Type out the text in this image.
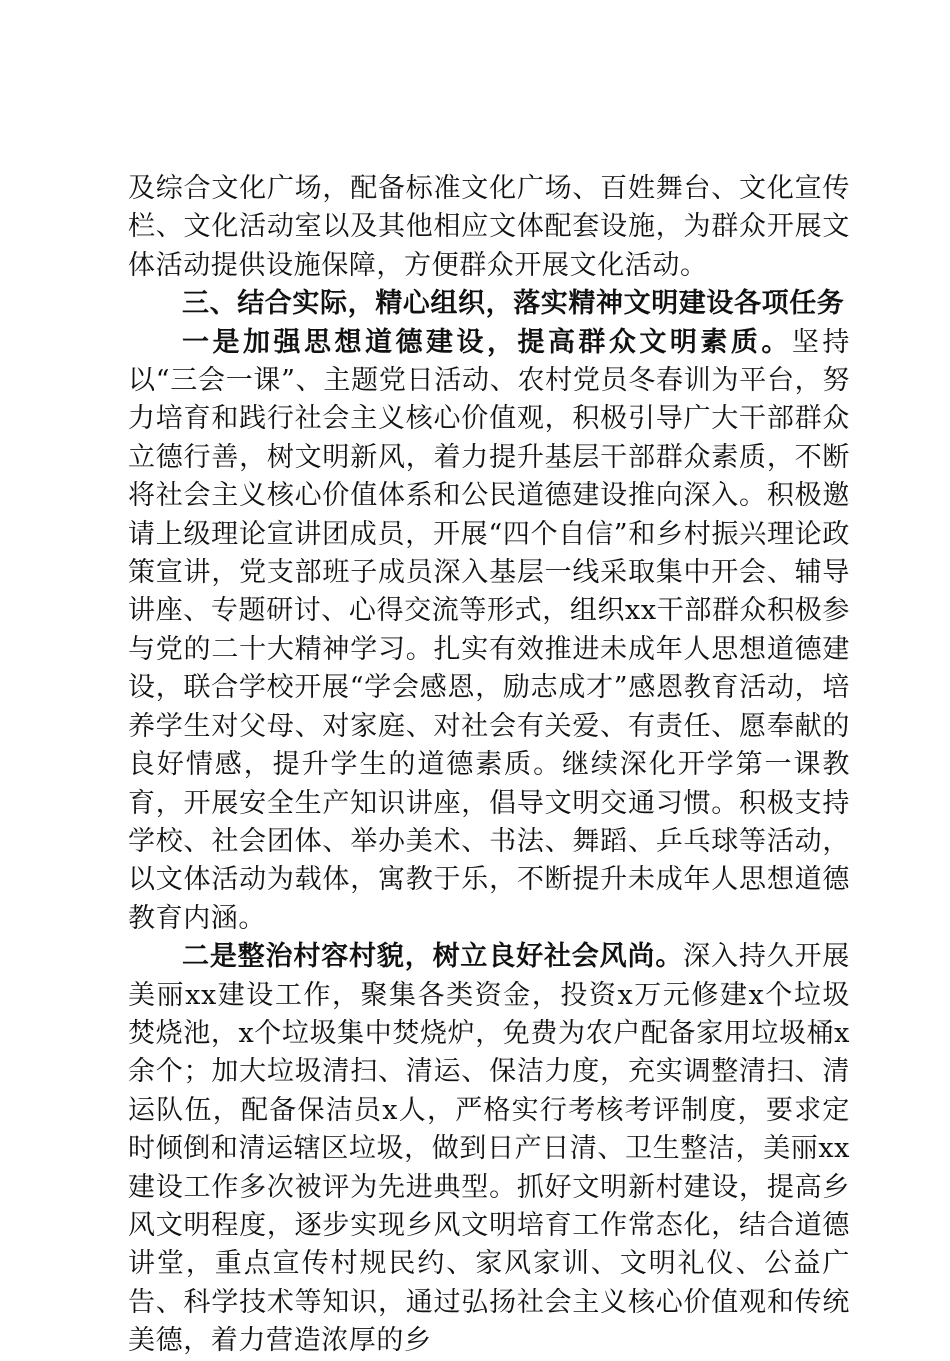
及综合文化广场，配备标准文化广场、百姓舞台、文化宣传栏、文化活动室以及其他相应文体配套设施，为群众开展文体活动提供设施保障，方便群众开展文化活动。

三、结合实际，精心组织，落实精神文明建设各项任务

一是加强思想道德建设，提高群众文明素质。坚持以“三会一课”、主题党日活动、农村党员冬春训为平台，努力培育和践行社会主义核心价值观，积极引导广大干部群众立德行善，树文明新风，着力提升基层干部群众素质，不断将社会主义核心价值体系和公民道德建设推向深入。积极邀请上级理论宣讲团成员，开展“四个自信”和乡村振兴理论政策宣讲，党支部班子成员深入基层一线采取集中开会、辅导讲座、专题研讨、心得交流等形式，组织xx干部群众积极参与党的二十大精神学习。扎实有效推进未成年人思想道德建设，联合学校开展“学会感恩，励志成才”感恩教育活动，培养学生对父母、对家庭、对社会有关爱、有责任、愿奉献的良好情感，提升学生的道德素质。继续深化开学第一课教育，开展安全生产知识讲座，倡导文明交通习惯。积极支持学校、社会团体、举办美术、书法、舞蹈、乒乓球等活动，以文体活动为载体，寓教于乐，不断提升未成年人思想道德教育内涵。

二是整治村容村貌，树立良好社会风尚。深入持久开展美丽xx建设工作，聚集各类资金，投资x万元修建x个垃圾焚烧池，x个垃圾集中焚烧炉，免费为农户配备家用垃圾桶x余个；加大垃圾清扫、清运、保洁力度，充实调整清扫、清运队伍，配备保洁员x人，严格实行考核考评制度，要求定时倾倒和清运辖区垃圾，做到日产日清、卫生整洁，美丽xx建设工作多次被评为先进典型。抓好文明新村建设，提高乡风文明程度，逐步实现乡风文明培育工作常态化，结合道德讲堂，重点宣传村规民约、家风家训、文明礼仪、公益广告、科学技术等知识，通过弘扬社会主义核心价值观和传统美德，着力营造浓厚的乡
